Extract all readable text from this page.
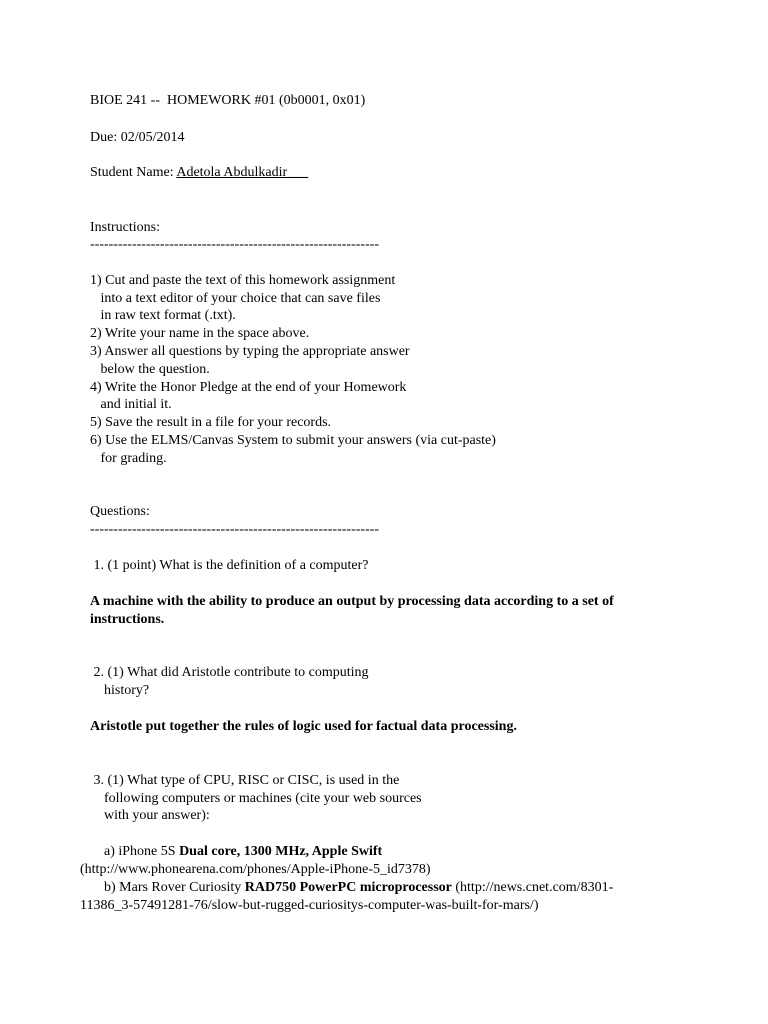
BIOE 241 --  HOMEWORK #01 (0b0001, 0x01)
Due: 02/05/2014
Student Name: Adetola Abdulkadir___
Instructions:
--------------------------------------------------------------
1) Cut and paste the text of this homework assignment
into a text editor of your choice that can save files
in raw text format (.txt).
2) Write your name in the space above.
3) Answer all questions by typing the appropriate answer
below the question.
4) Write the Honor Pledge at the end of your Homework
and initial it.
5) Save the result in a file for your records.
6) Use the ELMS/Canvas System to submit your answers (via cut-paste)
for grading.
Questions:
--------------------------------------------------------------
1. (1 point) What is the definition of a computer?
A machine with the ability to produce an output by processing data according to a set of
instructions.
2. (1) What did Aristotle contribute to computing
history?
Aristotle put together the rules of logic used for factual data processing.
3. (1) What type of CPU, RISC or CISC, is used in the
following computers or machines (cite your web sources
with your answer):
a) iPhone 5S Dual core, 1300 MHz, Apple Swift
(http://www.phonearena.com/phones/Apple-iPhone-5_id7378)
b) Mars Rover Curiosity RAD750 PowerPC microprocessor (http://news.cnet.com/8301-
11386_3-57491281-76/slow-but-rugged-curiositys-computer-was-built-for-mars/)
